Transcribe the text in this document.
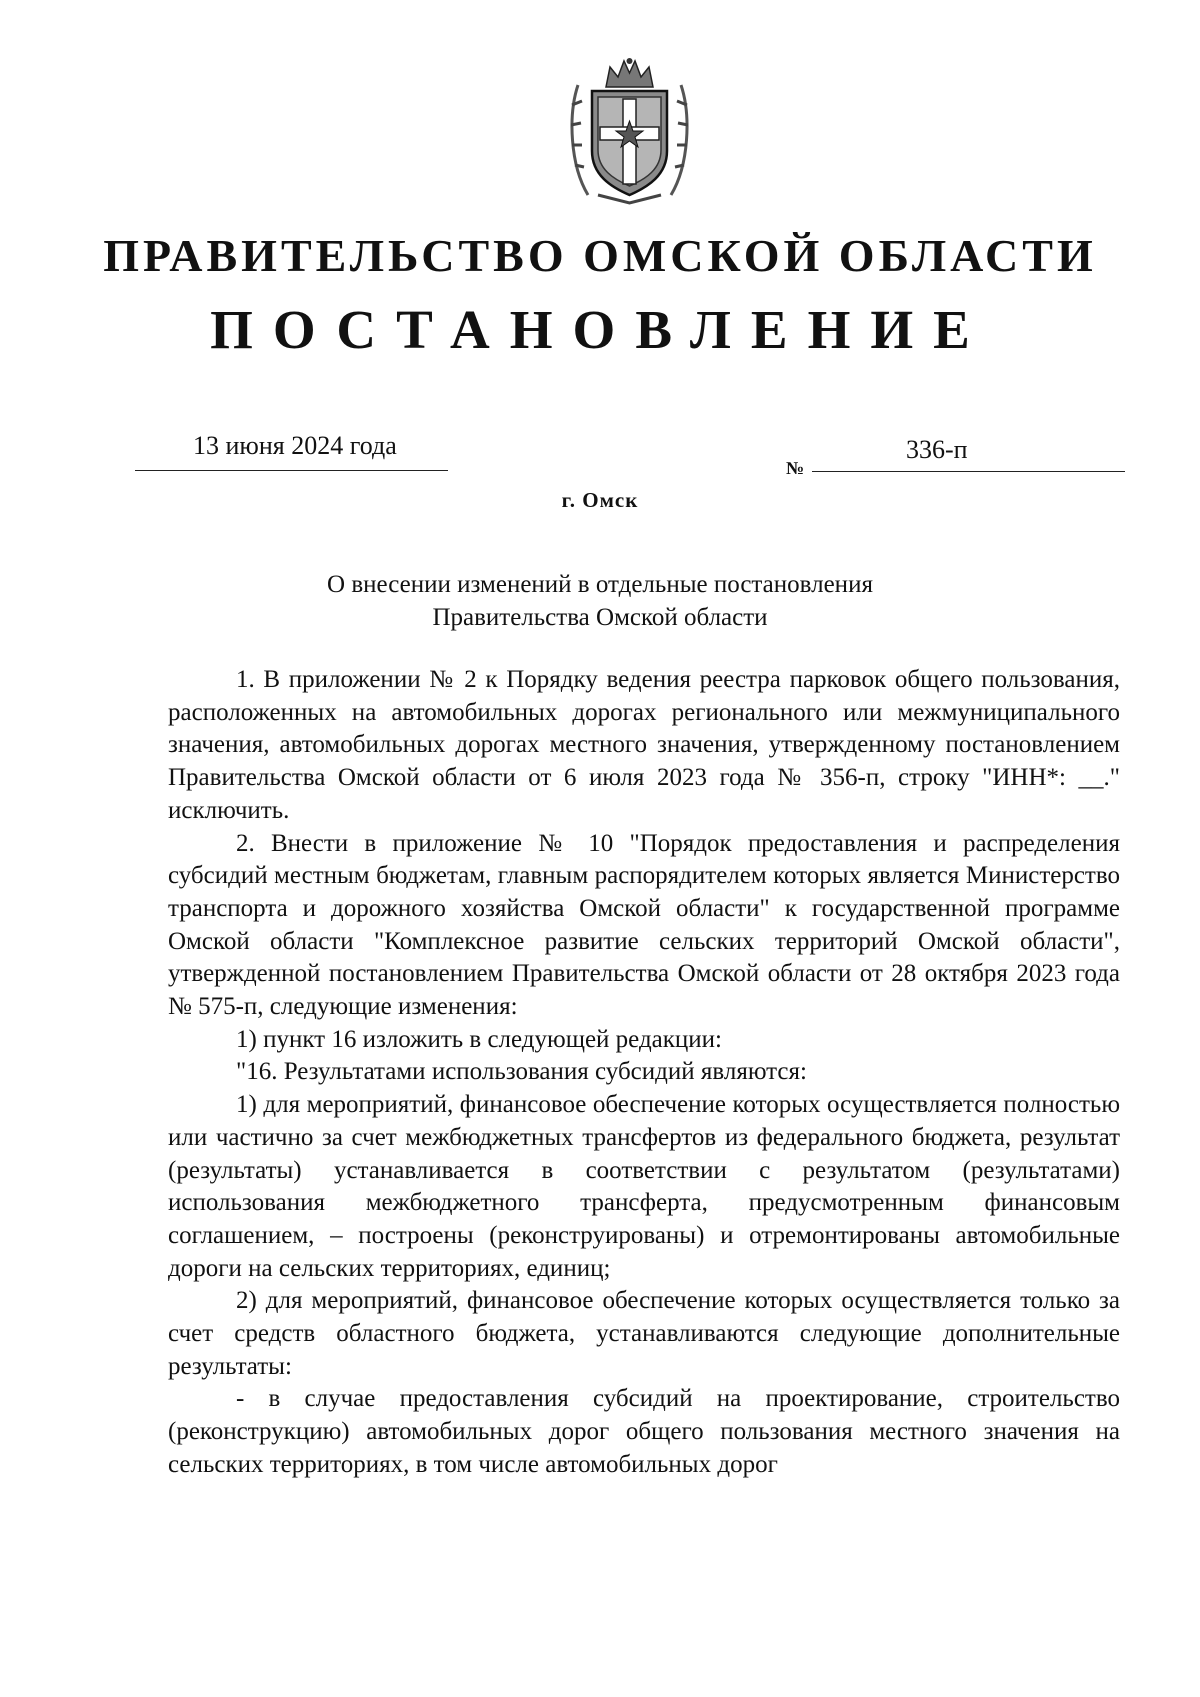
ПРАВИТЕЛЬСТВО ОМСКОЙ ОБЛАСТИ
ПОСТАНОВЛЕНИЕ
13 июня 2024 года
№
336-п
г. Омск
О внесении изменений в отдельные постановления
Правительства Омской области

1. В приложении № 2 к Порядку ведения реестра парковок общего пользования, расположенных на автомобильных дорогах регионального или межмуниципального значения, автомобильных дорогах местного значения, утвержденному постановлением Правительства Омской области от 6 июля 2023 года № 356-п, строку "ИНН*: __." исключить.

2. Внести в приложение № 10 "Порядок предоставления и распределения субсидий местным бюджетам, главным распорядителем которых является Министерство транспорта и дорожного хозяйства Омской области" к государственной программе Омской области "Комплексное развитие сельских территорий Омской области", утвержденной постановлением Правительства Омской области от 28 октября 2023 года № 575-п, следующие изменения:

1) пункт 16 изложить в следующей редакции:

"16. Результатами использования субсидий являются:

1) для мероприятий, финансовое обеспечение которых осуществляется полностью или частично за счет межбюджетных трансфертов из федерального бюджета, результат (результаты) устанавливается в соответствии с результатом (результатами) использования межбюджетного трансферта, предусмотренным финансовым соглашением, – построены (реконструированы) и отремонтированы автомобильные дороги на сельских территориях, единиц;

2) для мероприятий, финансовое обеспечение которых осуществляется только за счет средств областного бюджета, устанавливаются следующие дополнительные результаты:

- в случае предоставления субсидий на проектирование, строительство (реконструкцию) автомобильных дорог общего пользования местного значения на сельских территориях, в том числе автомобильных дорог
